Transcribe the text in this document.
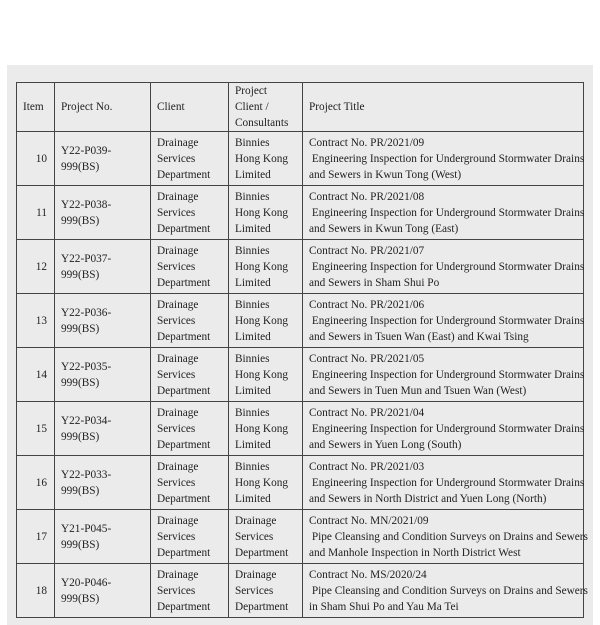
Item	Project No.	Client	Project Client / Consultants	Project Title
10	Y22-P039-999(BS)	Drainage Services Department	Binnies Hong Kong Limited	Contract No. PR/2021/09
Engineering Inspection for Underground Stormwater Drains
and Sewers in Kwun Tong (West)

11	Y22-P038-999(BS)	Drainage Services Department	Binnies Hong Kong Limited	Contract No. PR/2021/08
Engineering Inspection for Underground Stormwater Drains
and Sewers in Kwun Tong (East)

12	Y22-P037-999(BS)	Drainage Services Department	Binnies Hong Kong Limited	Contract No. PR/2021/07
Engineering Inspection for Underground Stormwater Drains
and Sewers in Sham Shui Po

13	Y22-P036-999(BS)	Drainage Services Department	Binnies Hong Kong Limited	Contract No. PR/2021/06
Engineering Inspection for Underground Stormwater Drains
and Sewers in Tsuen Wan (East) and Kwai Tsing

14	Y22-P035-999(BS)	Drainage Services Department	Binnies Hong Kong Limited	Contract No. PR/2021/05
Engineering Inspection for Underground Stormwater Drains
and Sewers in Tuen Mun and Tsuen Wan (West)

15	Y22-P034-999(BS)	Drainage Services Department	Binnies Hong Kong Limited	Contract No. PR/2021/04
Engineering Inspection for Underground Stormwater Drains
and Sewers in Yuen Long (South)

16	Y22-P033-999(BS)	Drainage Services Department	Binnies Hong Kong Limited	Contract No. PR/2021/03
Engineering Inspection for Underground Stormwater Drains
and Sewers in North District and Yuen Long (North)

17	Y21-P045-999(BS)	Drainage Services Department	Drainage Services Department	Contract No. MN/2021/09
Pipe Cleansing and Condition Surveys on Drains and Sewers
and Manhole Inspection in North District West

18	Y20-P046-999(BS)	Drainage Services Department	Drainage Services Department	Contract No. MS/2020/24
Pipe Cleansing and Condition Surveys on Drains and Sewers
in Sham Shui Po and Yau Ma Tei
